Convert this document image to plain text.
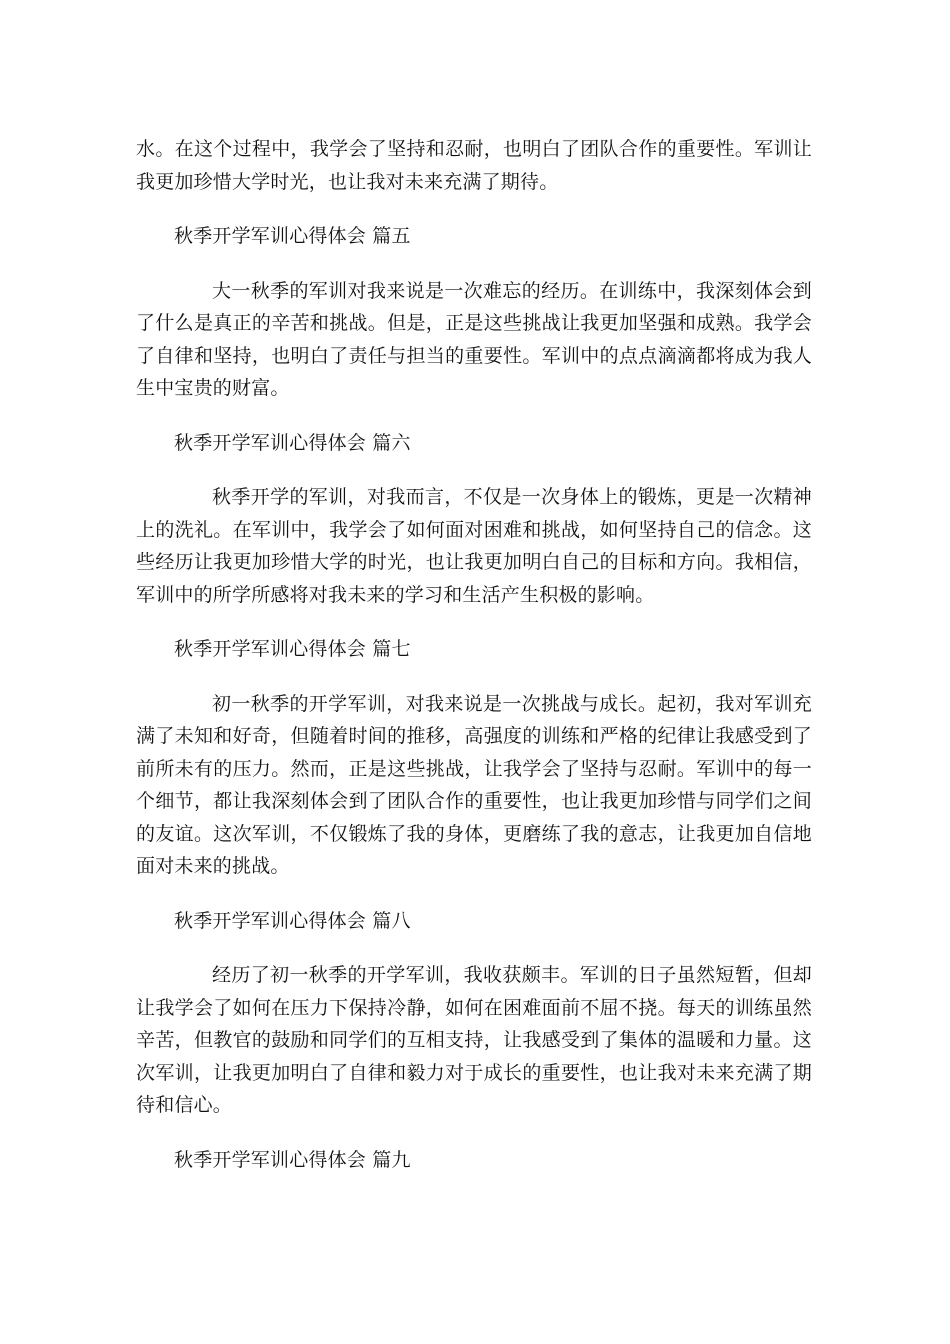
水。在这个过程中，我学会了坚持和忍耐，也明白了团队合作的重要性。军训让我更加珍惜大学时光，也让我对未来充满了期待。

秋季开学军训心得体会 篇五

大一秋季的军训对我来说是一次难忘的经历。在训练中，我深刻体会到了什么是真正的辛苦和挑战。但是，正是这些挑战让我更加坚强和成熟。我学会了自律和坚持，也明白了责任与担当的重要性。军训中的点点滴滴都将成为我人生中宝贵的财富。

秋季开学军训心得体会 篇六

秋季开学的军训，对我而言，不仅是一次身体上的锻炼，更是一次精神上的洗礼。在军训中，我学会了如何面对困难和挑战，如何坚持自己的信念。这些经历让我更加珍惜大学的时光，也让我更加明白自己的目标和方向。我相信，军训中的所学所感将对我未来的学习和生活产生积极的影响。

秋季开学军训心得体会 篇七

初一秋季的开学军训，对我来说是一次挑战与成长。起初，我对军训充满了未知和好奇，但随着时间的推移，高强度的训练和严格的纪律让我感受到了前所未有的压力。然而，正是这些挑战，让我学会了坚持与忍耐。军训中的每一个细节，都让我深刻体会到了团队合作的重要性，也让我更加珍惜与同学们之间的友谊。这次军训，不仅锻炼了我的身体，更磨练了我的意志，让我更加自信地面对未来的挑战。

秋季开学军训心得体会 篇八

经历了初一秋季的开学军训，我收获颇丰。军训的日子虽然短暂，但却让我学会了如何在压力下保持冷静，如何在困难面前不屈不挠。每天的训练虽然辛苦，但教官的鼓励和同学们的互相支持，让我感受到了集体的温暖和力量。这次军训，让我更加明白了自律和毅力对于成长的重要性，也让我对未来充满了期待和信心。

秋季开学军训心得体会 篇九
